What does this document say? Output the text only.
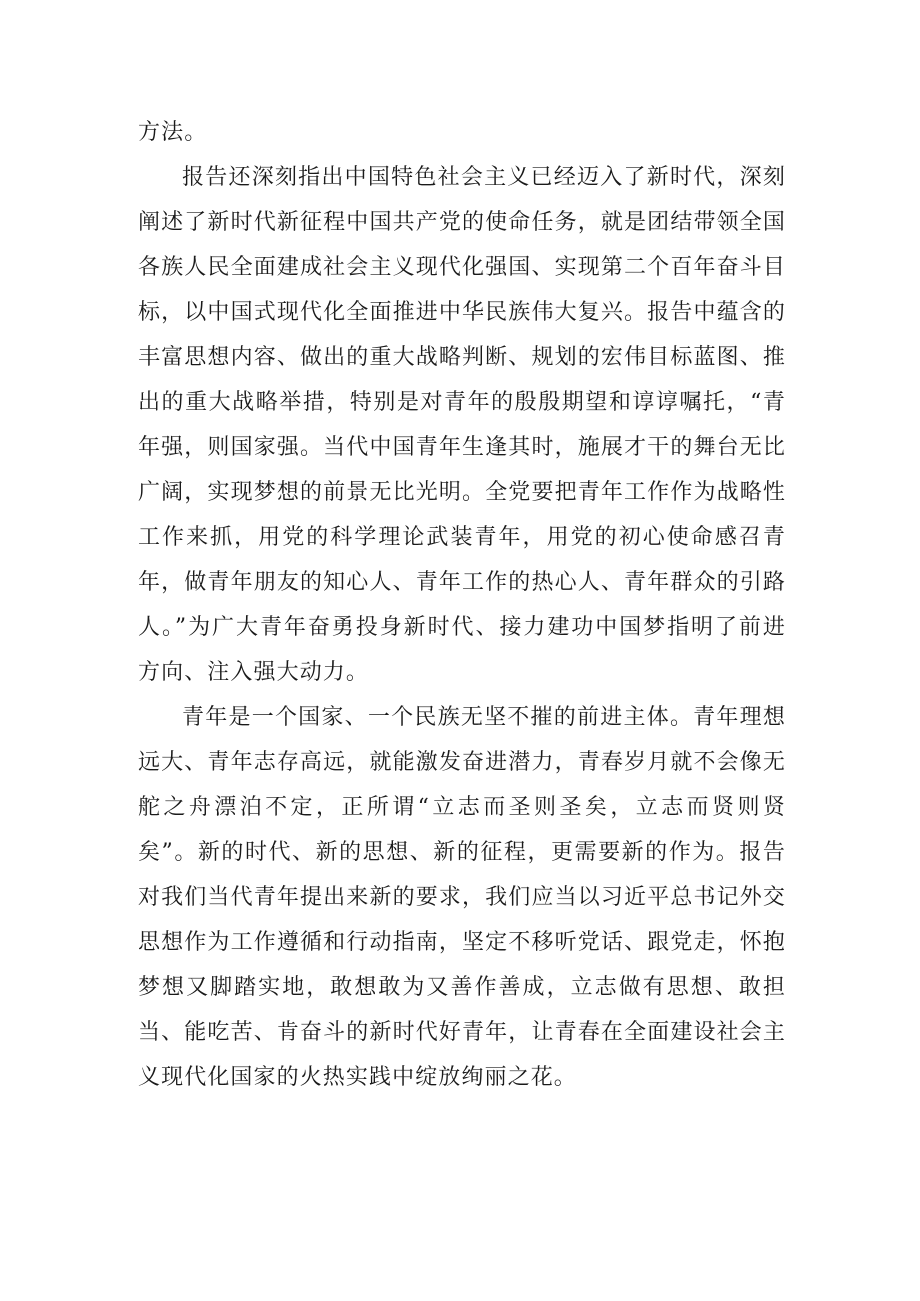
方法。

报告还深刻指出中国特色社会主义已经迈入了新时代，深刻阐述了新时代新征程中国共产党的使命任务，就是团结带领全国各族人民全面建成社会主义现代化强国、实现第二个百年奋斗目标，以中国式现代化全面推进中华民族伟大复兴。报告中蕴含的丰富思想内容、做出的重大战略判断、规划的宏伟目标蓝图、推出的重大战略举措，特别是对青年的殷殷期望和谆谆嘱托，“青年强，则国家强。当代中国青年生逢其时，施展才干的舞台无比广阔，实现梦想的前景无比光明。全党要把青年工作作为战略性工作来抓，用党的科学理论武装青年，用党的初心使命感召青年，做青年朋友的知心人、青年工作的热心人、青年群众的引路人。”为广大青年奋勇投身新时代、接力建功中国梦指明了前进方向、注入强大动力。

青年是一个国家、一个民族无坚不摧的前进主体。青年理想远大、青年志存高远，就能激发奋进潜力，青春岁月就不会像无舵之舟漂泊不定，正所谓“立志而圣则圣矣，立志而贤则贤矣”。新的时代、新的思想、新的征程，更需要新的作为。报告对我们当代青年提出来新的要求，我们应当以习近平总书记外交思想作为工作遵循和行动指南，坚定不移听党话、跟党走，怀抱梦想又脚踏实地，敢想敢为又善作善成，立志做有思想、敢担当、能吃苦、肯奋斗的新时代好青年，让青春在全面建设社会主义现代化国家的火热实践中绽放绚丽之花。
